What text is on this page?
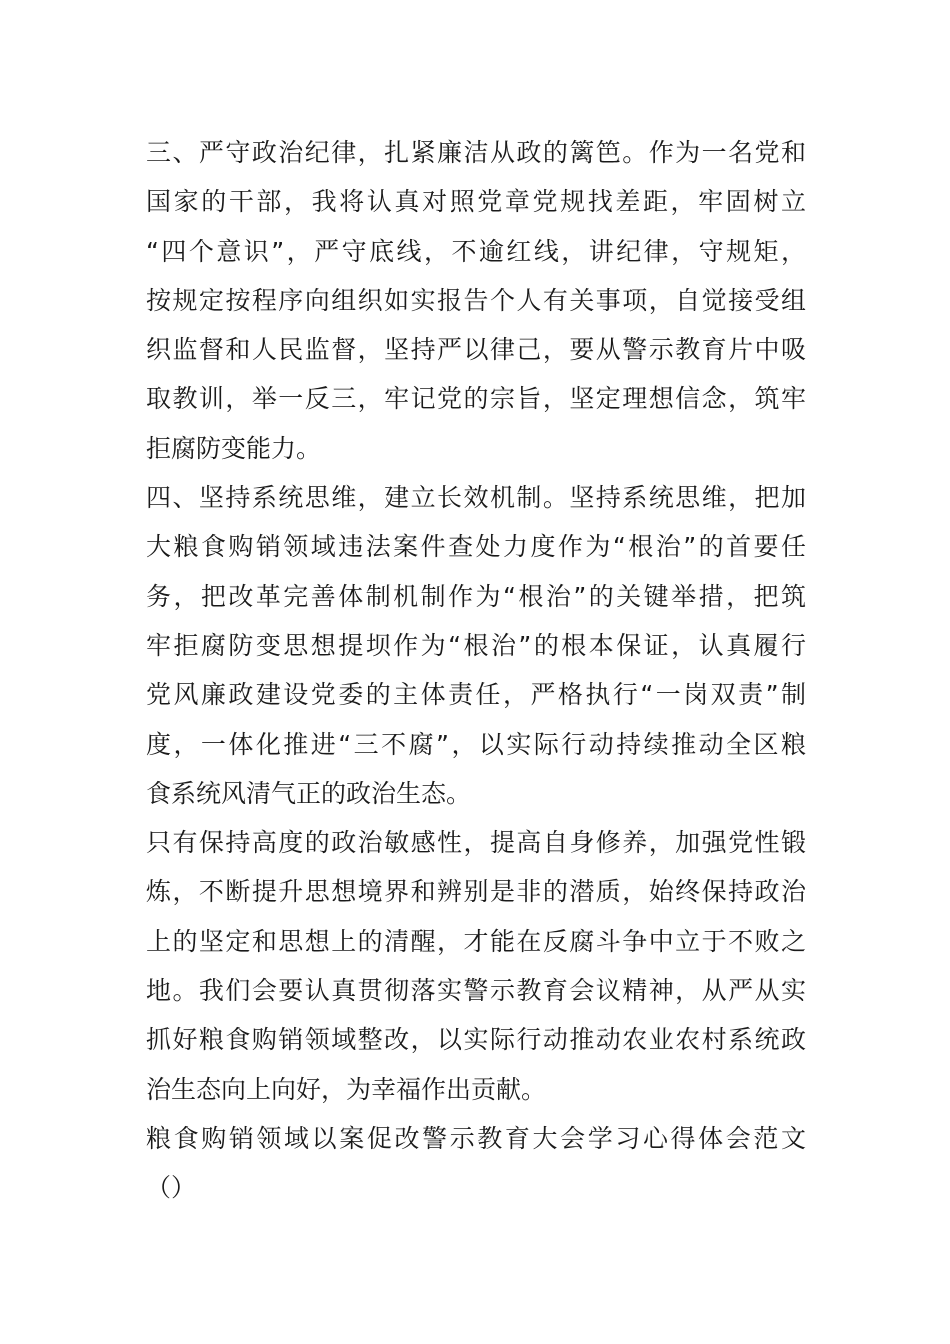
三、严守政治纪律，扎紧廉洁从政的篱笆。作为一名党和
国家的干部，我将认真对照党章党规找差距，牢固树立
“四个意识”，严守底线，不逾红线，讲纪律，守规矩，
按规定按程序向组织如实报告个人有关事项，自觉接受组
织监督和人民监督，坚持严以律己，要从警示教育片中吸
取教训，举一反三，牢记党的宗旨，坚定理想信念，筑牢
拒腐防变能力。
四、坚持系统思维，建立长效机制。坚持系统思维，把加
大粮食购销领域违法案件查处力度作为“根治”的首要任
务，把改革完善体制机制作为“根治”的关键举措，把筑
牢拒腐防变思想提坝作为“根治”的根本保证，认真履行
党风廉政建设党委的主体责任，严格执行“一岗双责”制
度，一体化推进“三不腐”，以实际行动持续推动全区粮
食系统风清气正的政治生态。
只有保持高度的政治敏感性，提高自身修养，加强党性锻
炼，不断提升思想境界和辨别是非的潜质，始终保持政治
上的坚定和思想上的清醒，才能在反腐斗争中立于不败之
地。我们会要认真贯彻落实警示教育会议精神，从严从实
抓好粮食购销领域整改，以实际行动推动农业农村系统政
治生态向上向好，为幸福作出贡献。
粮食购销领域以案促改警示教育大会学习心得体会范文
（）
